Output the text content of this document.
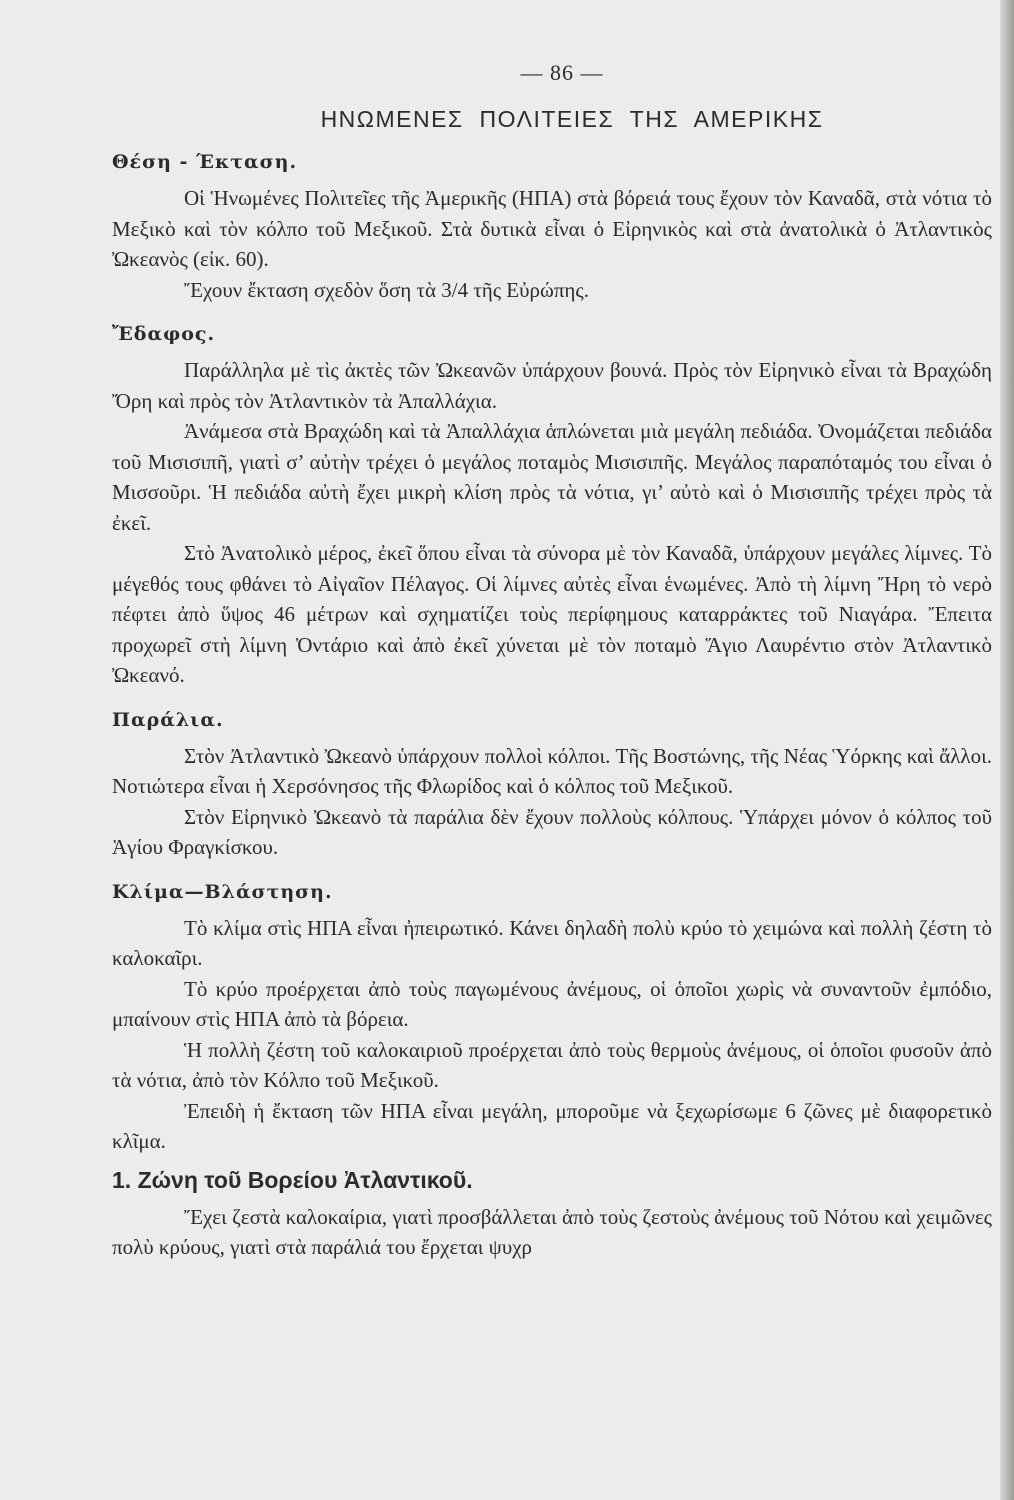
— 86 —
ΗΝΩΜΕΝΕΣ ΠΟΛΙΤΕΙΕΣ ΤΗΣ ΑΜΕΡΙΚΗΣ
Θέση - Έκταση.

Οἱ Ἡνωμένες Πολιτεῖες τῆς Ἀμερικῆς (ΗΠΑ) στὰ βόρειά τους ἔχουν τὸν Καναδᾶ, στὰ νότια τὸ Μεξικὸ καὶ τὸν κόλπο τοῦ Μεξικοῦ. Στὰ δυτικὰ εἶναι ὁ Εἰρηνικὸς καὶ στὰ ἀνατολικὰ ὁ Ἀτλαντικὸς Ὠκεανὸς (εἰκ. 60).

Ἔχουν ἔκταση σχεδὸν ὅση τὰ 3/4 τῆς Εὐρώπης.

Ἔδαφος.

Παράλληλα μὲ τὶς ἀκτὲς τῶν Ὠκεανῶν ὑπάρχουν βουνά. Πρὸς τὸν Εἰρηνικὸ εἶναι τὰ Βραχώδη Ὄρη καὶ πρὸς τὸν Ἀτλαντικὸν τὰ Ἀπαλλάχια.

Ἀνάμεσα στὰ Βραχώδη καὶ τὰ Ἀπαλλάχια ἁπλώνεται μιὰ μεγάλη πεδιάδα. Ὀνομάζεται πεδιάδα τοῦ Μισισιπῆ, γιατὶ σ’ αὐτὴν τρέχει ὁ μεγάλος ποταμὸς Μισισιπῆς. Μεγάλος παραπόταμός του εἶναι ὁ Μισσοῦρι. Ἡ πεδιάδα αὐτὴ ἔχει μικρὴ κλίση πρὸς τὰ νότια, γι’ αὐτὸ καὶ ὁ Μισισιπῆς τρέχει πρὸς τὰ ἐκεῖ.

Στὸ Ἀνατολικὸ μέρος, ἐκεῖ ὅπου εἶναι τὰ σύνορα μὲ τὸν Καναδᾶ, ὑπάρχουν μεγάλες λίμνες. Τὸ μέγεθός τους φθάνει τὸ Αἰγαῖον Πέλαγος. Οἱ λίμνες αὐτὲς εἶναι ἑνωμένες. Ἀπὸ τὴ λίμνη Ἤρη τὸ νερὸ πέφτει ἀπὸ ὕψος 46 μέτρων καὶ σχηματίζει τοὺς περίφημους καταρράκτες τοῦ Νιαγάρα. Ἔπειτα προχωρεῖ στὴ λίμνη Ὀντάριο καὶ ἀπὸ ἐκεῖ χύνεται μὲ τὸν ποταμὸ Ἅγιο Λαυρέντιο στὸν Ἀτλαντικὸ Ὠκεανό.

Παράλια.

Στὸν Ἀτλαντικὸ Ὠκεανὸ ὑπάρχουν πολλοὶ κόλποι. Τῆς Βοστώνης, τῆς Νέας Ὑόρκης καὶ ἄλλοι. Νοτιώτερα εἶναι ἡ Χερσόνησος τῆς Φλωρίδος καὶ ὁ κόλπος τοῦ Μεξικοῦ.

Στὸν Εἰρηνικὸ Ὠκεανὸ τὰ παράλια δὲν ἔχουν πολλοὺς κόλπους. Ὑπάρχει μόνον ὁ κόλπος τοῦ Ἁγίου Φραγκίσκου.

Κλίμα—Βλάστηση.

Τὸ κλίμα στὶς ΗΠΑ εἶναι ἠπειρωτικό. Κάνει δηλαδὴ πολὺ κρύο τὸ χειμώνα καὶ πολλὴ ζέστη τὸ καλοκαῖρι.

Τὸ κρύο προέρχεται ἀπὸ τοὺς παγωμένους ἀνέμους, οἱ ὁποῖοι χωρὶς νὰ συναντοῦν ἐμπόδιο, μπαίνουν στὶς ΗΠΑ ἀπὸ τὰ βόρεια.

Ἡ πολλὴ ζέστη τοῦ καλοκαιριοῦ προέρχεται ἀπὸ τοὺς θερμοὺς ἀνέμους, οἱ ὁποῖοι φυσοῦν ἀπὸ τὰ νότια, ἀπὸ τὸν Κόλπο τοῦ Μεξικοῦ.

Ἐπειδὴ ἡ ἔκταση τῶν ΗΠΑ εἶναι μεγάλη, μποροῦμε νὰ ξεχωρίσωμε 6 ζῶνες μὲ διαφορετικὸ κλῖμα.

1. Ζώνη τοῦ Βορείου Ἀτλαντικοῦ.

Ἔχει ζεστὰ καλοκαίρια, γιατὶ προσβάλλεται ἀπὸ τοὺς ζεστοὺς ἀνέμους τοῦ Νότου καὶ χειμῶνες πολὺ κρύους, γιατὶ στὰ παράλιά του ἔρχεται ψυχρ
